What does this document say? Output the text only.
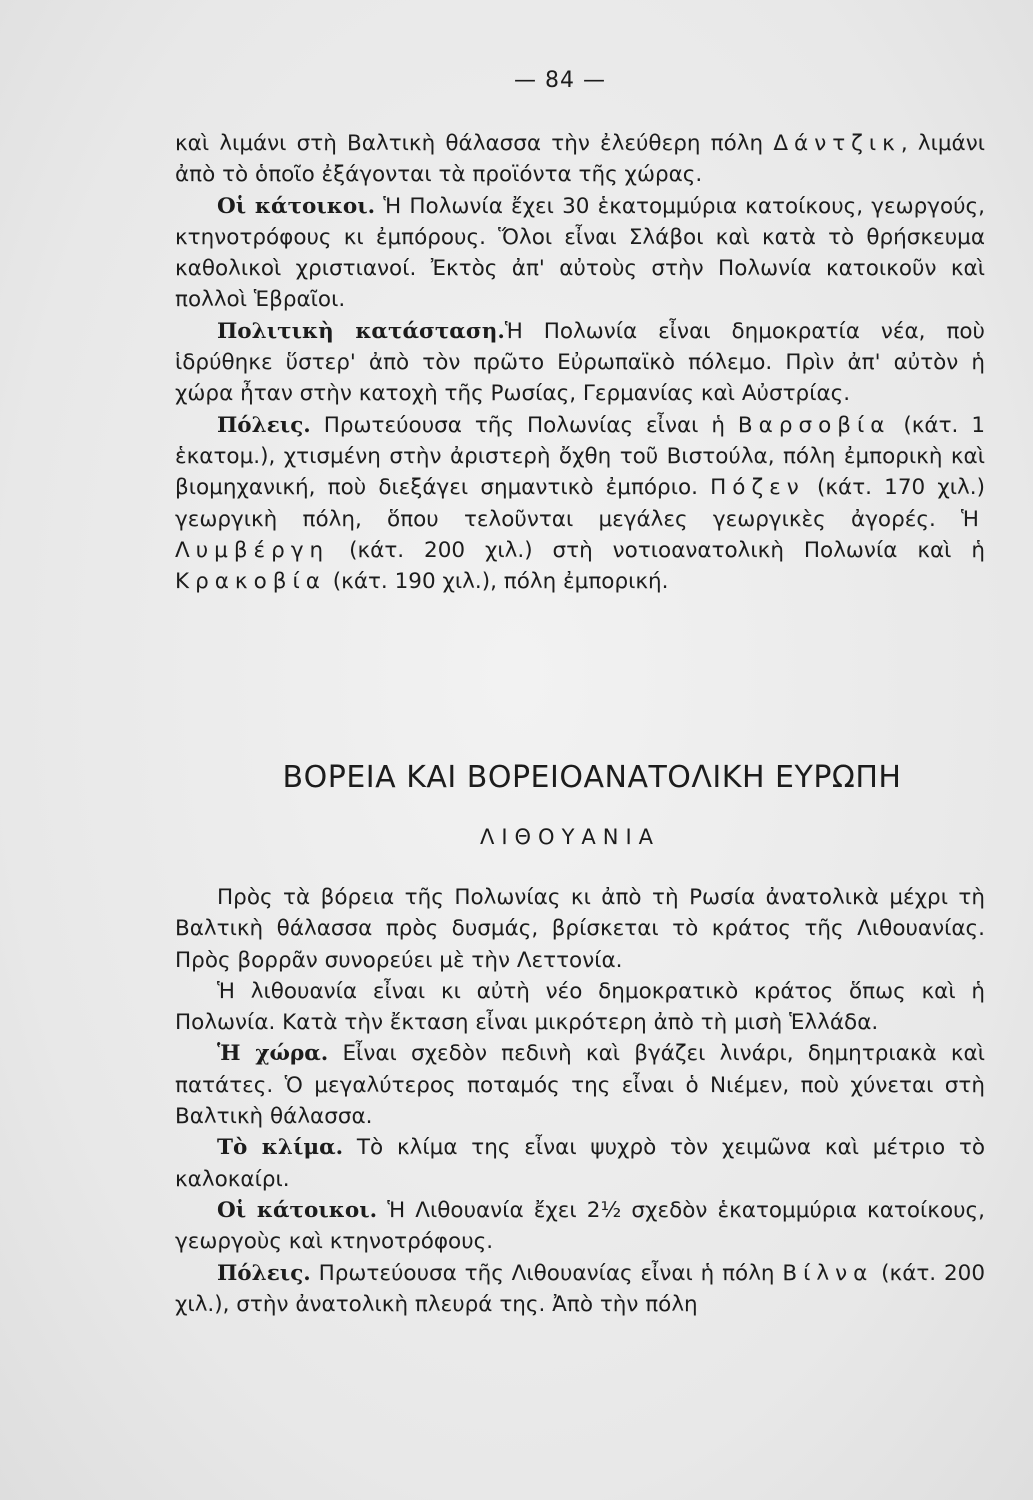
— 84 —

καὶ λιμάνι στὴ Βαλτικὴ θάλασσα τὴν ἐλεύθερη πόλη Δάντζικ, λιμάνι ἀπὸ τὸ ὁποῖο ἐξάγονται τὰ προϊόντα τῆς χώρας.

Οἱ κάτοικοι. Ἡ Πολωνία ἔχει 30 ἑκατομμύρια κατοίκους, γεωργούς, κτηνοτρόφους κι ἐμπόρους. Ὅλοι εἶναι Σλάβοι καὶ κατὰ τὸ θρήσκευμα καθολικοὶ χριστιανοί. Ἐκτὸς ἀπ' αὐτοὺς στὴν Πολωνία κατοικοῦν καὶ πολλοὶ Ἑβραῖοι.

Πολιτικὴ κατάσταση.Ἡ Πολωνία εἶναι δημοκρατία νέα, ποὺ ἱδρύθηκε ὕστερ' ἀπὸ τὸν πρῶτο Εὐρωπαϊκὸ πόλεμο. Πρὶν ἀπ' αὐτὸν ἡ χώρα ἦταν στὴν κατοχὴ τῆς Ρωσίας, Γερμανίας καὶ Αὐστρίας.

Πόλεις. Πρωτεύουσα τῆς Πολωνίας εἶναι ἡ Βαρσοβία (κάτ. 1 ἑκατομ.), χτισμένη στὴν ἀριστερὴ ὄχθη τοῦ Βιστούλα, πόλη ἐμπορικὴ καὶ βιομηχανική, ποὺ διεξάγει σημαντικὸ ἐμπόριο. Πόζεν (κάτ. 170 χιλ.) γεωργικὴ πόλη, ὅπου τελοῦνται μεγάλες γεωργικὲς ἀγορές. Ἡ Λυμβέργη (κάτ. 200 χιλ.) στὴ νοτιοανατολικὴ Πολωνία καὶ ἡ Κρακοβία (κάτ. 190 χιλ.), πόλη ἐμπορική.

ΒΟΡΕΙΑ ΚΑΙ ΒΟΡΕΙΟΑΝΑΤΟΛΙΚΗ ΕΥΡΩΠΗ
ΛΙΘΟΥΑΝΙΑ

Πρὸς τὰ βόρεια τῆς Πολωνίας κι ἀπὸ τὴ Ρωσία ἀνατολικὰ μέχρι τὴ Βαλτικὴ θάλασσα πρὸς δυσμάς, βρίσκεται τὸ κράτος τῆς Λιθουανίας. Πρὸς βορρᾶν συνορεύει μὲ τὴν Λεττονία.

Ἡ λιθουανία εἶναι κι αὐτὴ νέο δημοκρατικὸ κράτος ὅπως καὶ ἡ Πολωνία. Κατὰ τὴν ἔκταση εἶναι μικρότερη ἀπὸ τὴ μισὴ Ἑλλάδα.

Ἡ χώρα. Εἶναι σχεδὸν πεδινὴ καὶ βγάζει λινάρι, δημητριακὰ καὶ πατάτες. Ὁ μεγαλύτερος ποταμός της εἶναι ὁ Νιέμεν, ποὺ χύνεται στὴ Βαλτικὴ θάλασσα.

Τὸ κλίμα. Τὸ κλίμα της εἶναι ψυχρὸ τὸν χειμῶνα καὶ μέτριο τὸ καλοκαίρι.

Οἱ κάτοικοι. Ἡ Λιθουανία ἔχει 2½ σχεδὸν ἑκατομμύρια κατοίκους, γεωργοὺς καὶ κτηνοτρόφους.

Πόλεις. Πρωτεύουσα τῆς Λιθουανίας εἶναι ἡ πόλη Βίλνα (κάτ. 200 χιλ.), στὴν ἀνατολικὴ πλευρά της. Ἀπὸ τὴν πόλη
